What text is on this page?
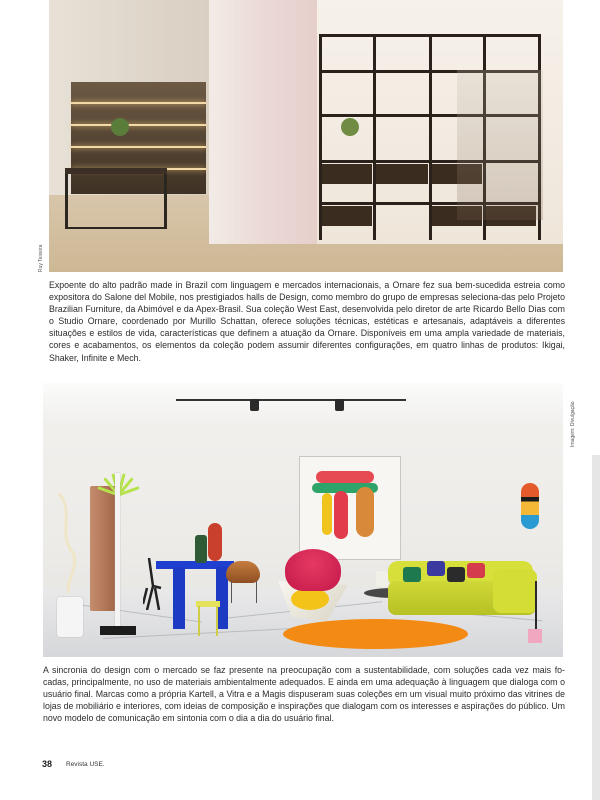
ORNARE
Ruy Teixeira
Expoente do alto padrão made in Brazil com linguagem e mercados internacionais, a Ornare fez sua bem-sucedida estreia como expositora do Salone del Mobile, nos prestigiados halls de Design, como membro do grupo de empresas seleciona-das pelo Projeto Brazilian Furniture, da Abimóvel e da Apex-Brasil. Sua coleção West East, desenvolvida pelo diretor de arte Ricardo Bello Dias com o Studio Ornare, coordenado por Murillo Schattan, oferece soluções técnicas, estéticas e artesanais, adaptáveis a diferentes situações e estilos de vida, características que definem a atuação da Ornare. Disponíveis em uma ampla variedade de materiais, cores e acabamentos, os elementos da coleção podem assumir diferentes configurações, em quatro linhas de produtos: Ikigai, Shaker, Infinite e Mech.
Imagem: Divulgação
A sincronia do design com o mercado se faz presente na preocupação com a sustentabilidade, com soluções cada vez mais fo-cadas, principalmente, no uso de materiais ambientalmente adequados. E ainda em uma adequação à linguagem que dialoga com o usuário final. Marcas como a própria Kartell, a Vitra e a Magis dispuseram suas coleções em um visual muito próximo das vitrines de lojas de mobiliário e interiores, com ideias de composição e inspirações que dialogam com os interesses e aspirações do público. Um novo modelo de comunicação em sintonia com o dia a dia do usuário final.
38 Revista USE.
